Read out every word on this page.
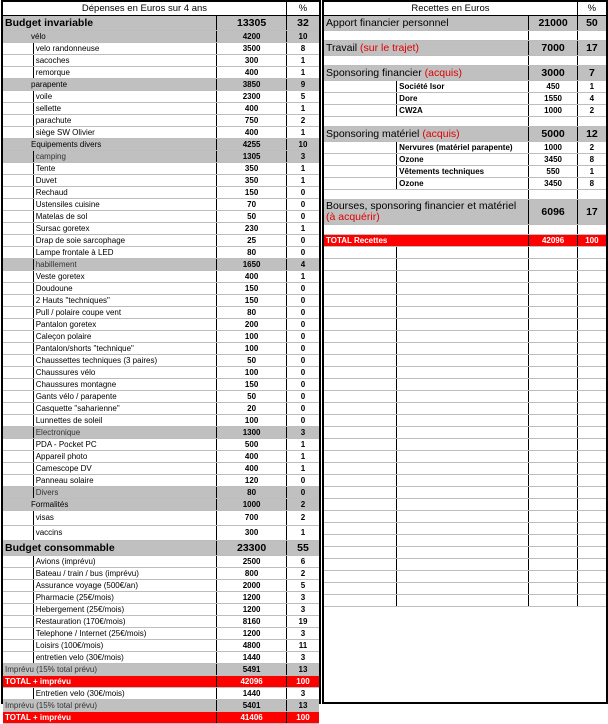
Dépenses en Euros sur 4 ans			%
Budget invariable		13305	32
vélo		4200	10
	velo randonneuse	3500	8
	sacoches	300	1
	remorque	400	1
parapente		3850	9
	voile	2300	5
	sellette	400	1
	parachute	750	2
	siège SW Olivier	400	1
Equipements divers		4255	10
	camping	1305	3
	Tente	350	1
	Duvet	350	1
	Rechaud	150	0
	Ustensiles cuisine	70	0
	Matelas de sol	50	0
	Sursac goretex	230	1
	Drap de soie sarcophage	25	0
	Lampe frontale à LED	80	0
	habillement	1650	4
	Veste goretex	400	1
	Doudoune	150	0
	2 Hauts "techniques"	150	0
	Pull / polaire coupe vent	80	0
	Pantalon goretex	200	0
	Caleçon polaire	100	0
	Pantalon/shorts "technique"	100	0
	Chaussettes techniques (3 paires)	50	0
	Chaussures vélo	100	0
	Chaussures montagne	150	0
	Gants vélo / parapente	50	0
	Casquette "saharienne"	20	0
	Lunnettes de soleil	100	0
	Electronique	1300	3
	PDA - Pocket PC	500	1
	Appareil photo	400	1
	Camescope DV	400	1
	Panneau solaire	120	0
	Divers	80	0
Formalités		1000	2
	visas	700	2
	vaccins	300	1
Budget consommable		23300	55
	Avions (imprévu)	2500	6
	Bateau / train / bus (imprévu)	800	2
	Assurance voyage (500€/an)	2000	5
	Pharmacie (25€/mois)	1200	3
	Hebergement (25€/mois)	1200	3
	Restauration (170€/mois)	8160	19
	Telephone / Internet (25€/mois)	1200	3
	Loisirs (100€/mois)	4800	11
	entretien velo (30€/mois)	1440	3
Imprévu (15% total prévu)		5491	13
TOTAL + imprévu		42096	100
	Entretien velo (30€/mois)	1440	3
Imprévu (15% total prévu)		5401	13
TOTAL + imprévu		41406	100
Recettes en Euros			%
Apport financier personnel		21000	50

Travail (sur le trajet)		7000	17

Sponsoring financier (acquis)		3000	7
	Société Isor	450	1
	Dore	1550	4
	CW2A	1000	2

Sponsoring matériel (acquis)		5000	12
	Nervures (matériel parapente)	1000	2
	Ozone	3450	8
	Vêtements techniques	550	1
	Ozone	3450	8

Bourses, sponsoring financier et matériel (à acquérir)		6096	17

TOTAL Recettes		42096	100
